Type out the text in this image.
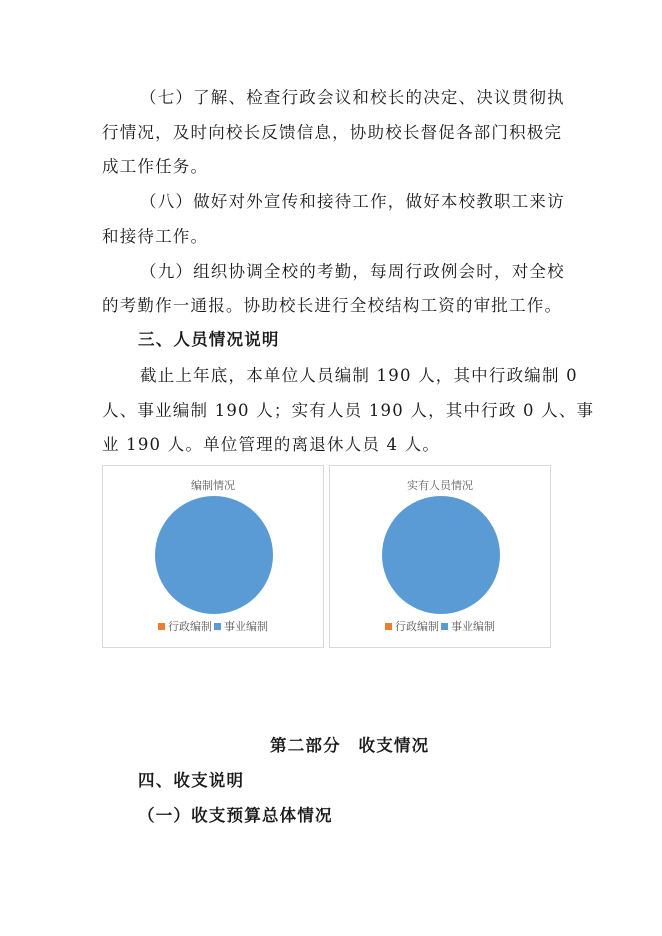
（七）了解、检查行政会议和校长的决定、决议贯彻执
行情况，及时向校长反馈信息，协助校长督促各部门积极完
成工作任务。
（八）做好对外宣传和接待工作，做好本校教职工来访
和接待工作。
（九）组织协调全校的考勤，每周行政例会时，对全校
的考勤作一通报。协助校长进行全校结构工资的审批工作。
三、人员情况说明
截止上年底，本单位人员编制 190 人，其中行政编制 0
人、事业编制 190 人；实有人员 190 人，其中行政 0 人、事
业 190 人。单位管理的离退休人员 4 人。
编制情况
行政编制 事业编制
实有人员情况
行政编制 事业编制
第二部分　收支情况
四、收支说明
（一）收支预算总体情况
